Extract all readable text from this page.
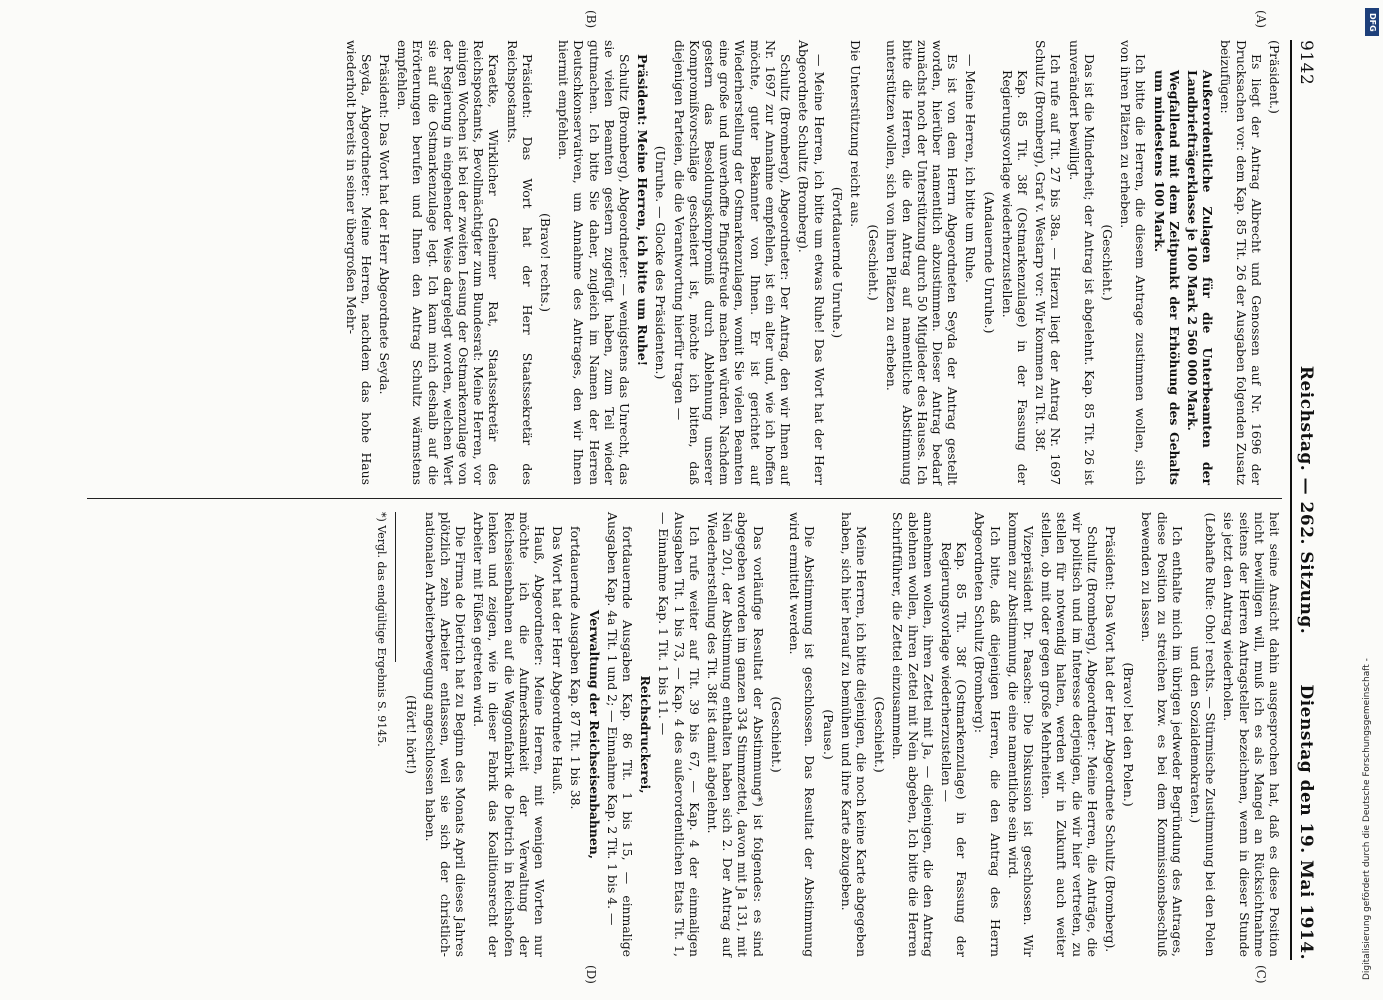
9142
Reichstag. — 262. Sitzung.
Dienstag den 19. Mai 1914.
(A)
(B)
(C)
(D)

(Präsident.)

Es liegt der Antrag Albrecht und Genossen auf Nr. 1696 der Drucksachen vor: dem Kap. 85 Tit. 26 der Ausgaben folgenden Zusatz beizufügen:

Außerordentliche Zulagen für die Unterbeamten der Landbriefträgerklasse je 100 Mark 2 560 000 Mark.

Wegfallend mit dem Zeitpunkt der Erhöhung des Gehalts um mindestens 100 Mark.

Ich bitte die Herren, die diesem Antrage zustimmen wollen, sich von ihren Plätzen zu erheben.

(Geschieht.)

Das ist die Minderheit; der Antrag ist abgelehnt. Kap. 85 Tit. 26 ist unverändert bewilligt.

Ich rufe auf Tit. 27 bis 38a. — Hierzu liegt der Antrag Nr. 1697 Schultz (Bromberg), Graf v. Westarp vor: Wir kommen zu Tit. 38f.

Kap. 85 Tit. 38f (Ostmarkenzulage) in der Fassung der Regierungsvorlage wiederherzustellen.

(Andauernde Unruhe.)

— Meine Herren, ich bitte um Ruhe.

Es ist von dem Herrn Abgeordneten Seyda der Antrag gestellt worden, hierüber namentlich abzustimmen. Dieser Antrag bedarf zunächst noch der Unterstützung durch 50 Mitglieder des Hauses. Ich bitte die Herren, die den Antrag auf namentliche Abstimmung unterstützen wollen, sich von ihren Plätzen zu erheben.

(Geschieht.)

Die Unterstützung reicht aus.

(Fortdauernde Unruhe.)

— Meine Herren, ich bitte um etwas Ruhe! Das Wort hat der Herr Abgeordnete Schultz (Bromberg).

Schultz (Bromberg), Abgeordneter: Der Antrag, den wir Ihnen auf Nr. 1697 zur Annahme empfehlen, ist ein alter und, wie ich hoffen möchte, guter Bekannter von Ihnen. Er ist gerichtet auf Wiederherstellung der Ostmarkenzulagen, womit Sie vielen Beamten eine große und unverhoffte Pfingstfreude machen würden. Nachdem gestern das Besoldungskompromiß durch Ablehnung unserer Kompromißvorschläge gescheitert ist, möchte ich bitten, daß diejenigen Parteien, die die Verantwortung hierfür tragen —

(Unruhe. — Glocke des Präsidenten.)

Präsident: Meine Herren, ich bitte um Ruhe!

Schultz (Bromberg), Abgeordneter: — wenigstens das Unrecht, das sie vielen Beamten gestern zugefügt haben, zum Teil wieder gutmachen. Ich bitte Sie daher, zugleich im Namen der Herren Deutschkonservativen, um Annahme des Antrages, den wir Ihnen hiermit empfehlen.

(Bravo! rechts.)

Präsident: Das Wort hat der Herr Staatssekretär des Reichspostamts.

Kraetke, Wirklicher Geheimer Rat, Staatssekretär des Reichspostamts, Bevollmächtigter zum Bundesrat: Meine Herren, vor einigen Wochen ist bei der zweiten Lesung der Ostmarkenzulage von der Regierung in eingehender Weise dargelegt worden, welchen Wert sie auf die Ostmarkenzulage legt. Ich kann mich deshalb auf die Erörterungen berufen und Ihnen den Antrag Schultz wärmstens empfehlen.

Präsident: Das Wort hat der Herr Abgeordnete Seyda.

Seyda, Abgeordneter: Meine Herren, nachdem das hohe Haus wiederholt bereits in seiner übergroßen Mehr-

heit seine Ansicht dahin ausgesprochen hat, daß es diese Position nicht bewilligen will, muß ich es als Mangel an Rücksichtnahme seitens der Herren Antragsteller bezeichnen, wenn in dieser Stunde sie jetzt den Antrag wiederholen.

(Lebhafte Rufe: Oho! rechts. — Stürmische Zustimmung bei den Polen und den Sozialdemokraten.)

Ich enthalte mich im übrigen jedweder Begründung des Antrages, diese Position zu streichen bzw. es bei dem Kommissionsbeschluß bewenden zu lassen.

(Bravo! bei den Polen.)

Präsident: Das Wort hat der Herr Abgeordnete Schultz (Bromberg).

Schultz (Bromberg), Abgeordneter: Meine Herren, die Anträge, die wir politisch und im Interesse derjenigen, die wir hier vertreten, zu stellen für notwendig halten, werden wir in Zukunft auch weiter stellen, ob mit oder gegen große Mehrheiten.

Vizepräsident Dr. Paasche: Die Diskussion ist geschlossen. Wir kommen zur Abstimmung, die eine namentliche sein wird.

Ich bitte, daß diejenigen Herren, die den Antrag des Herrn Abgeordneten Schultz (Bromberg):

Kap. 85 Tit. 38f (Ostmarkenzulage) in der Fassung der Regierungsvorlage wiederherzustellen —

annehmen wollen, ihren Zettel mit Ja, — diejenigen, die den Antrag ablehnen wollen, ihren Zettel mit Nein abgeben, Ich bitte die Herren Schriftführer, die Zettel einzusammeln.

(Geschieht.)

Meine Herren, ich bitte diejenigen, die noch keine Karte abgegeben haben, sich hier herauf zu bemühen und ihre Karte abzugeben.

(Pause.)

Die Abstimmung ist geschlossen. Das Resultat der Abstimmung wird ermittelt werden.

(Geschieht.)

Das vorläufige Resultat der Abstimmung*) ist folgendes: es sind abgegeben worden im ganzen 334 Stimmzettel, davon mit Ja 131, mit Nein 201, der Abstimmung enthalten haben sich 2. Der Antrag auf Wiederherstellung des Tit. 38f ist damit abgelehnt.

Ich rufe weiter auf Tit. 39 bis 67, — Kap. 4 der einmaligen Ausgaben Tit. 1 bis 73, — Kap. 4 des außerordentlichen Etats Tit. 1, — Einnahme Kap. 1 Tit. 1 bis 11. —

Reichsdruckerei,

fortdauernde Ausgaben Kap. 86 Tit. 1 bis 15, — einmalige Ausgaben Kap. 4a Tit. 1 und 2; — Einnahme Kap. 2 Tit. 1 bis 4. —

Verwaltung der Reichseisenbahnen,

fortdauernde Ausgaben Kap. 87 Tit. 1 bis 38.

Das Wort hat der Herr Abgeordnete Hauß.

Hauß, Abgeordneter: Meine Herren, mit wenigen Worten nur möchte ich die Aufmerksamkeit der Verwaltung der Reichseisenbahnen auf die Waggonfabrik de Dietrich in Reichshofen lenken und zeigen, wie in dieser Fabrik das Koalitionsrecht der Arbeiter mit Füßen getreten wird.

Die Firma de Dietrich hat zu Beginn des Monats April dieses Jahres plötzlich zehn Arbeiter entlassen, weil sie sich der christlich-nationalen Arbeiterbewegung angeschlossen haben.

(Hört! hört!)

*) Vergl. das endgültige Ergebnis S. 9145.

Digitalisierung gefördert durch die Deutsche Forschungsgemeinschaft -
DFG
